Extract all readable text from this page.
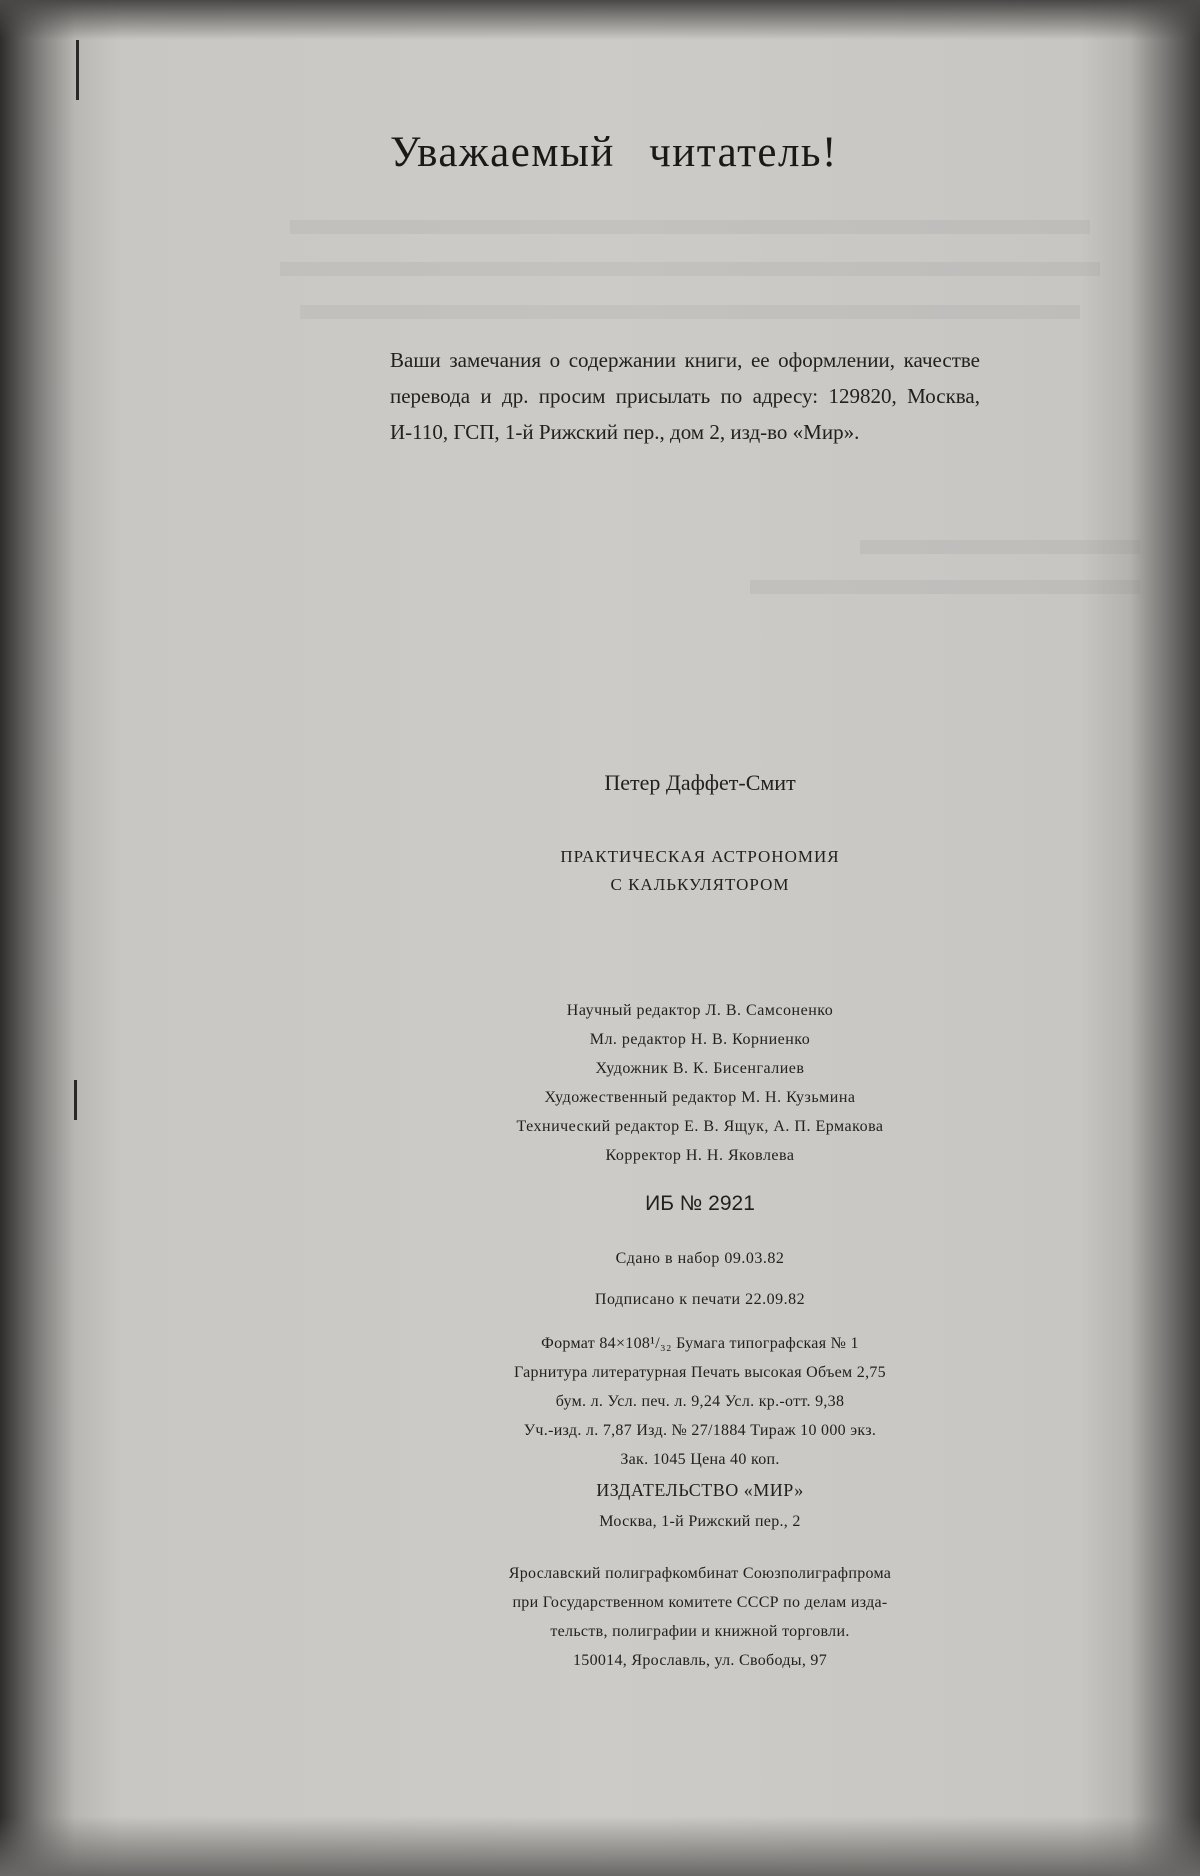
Уважаемый читатель!
Ваши замечания о содержании книги, ее оформлении, качестве перевода и др. просим присылать по адресу: 129820, Москва, И-110, ГСП, 1-й Рижский пер., дом 2, изд-во «Мир».
Петер Даффет-Смит
ПРАКТИЧЕСКАЯ АСТРОНОМИЯ
С КАЛЬКУЛЯТОРОМ
Научный редактор Л. В. Самсоненко
Мл. редактор Н. В. Корниенко
Художник В. К. Бисенгалиев
Художественный редактор М. Н. Кузьмина
Технический редактор Е. В. Ящук, А. П. Ермакова
Корректор Н. Н. Яковлева
ИБ № 2921
Сдано в набор 09.03.82
Подписано к печати 22.09.82
Формат 84×108¹/₃₂ Бумага типографская № 1
Гарнитура литературная Печать высокая Объем 2,75
бум. л. Усл. печ. л. 9,24 Усл. кр.-отт. 9,38
Уч.-изд. л. 7,87 Изд. № 27/1884 Тираж 10 000 экз.
Зак. 1045 Цена 40 коп.
ИЗДАТЕЛЬСТВО «МИР»
Москва, 1-й Рижский пер., 2
Ярославский полиграфкомбинат Союзполиграфпрома
при Государственном комитете СССР по делам изда-
тельств, полиграфии и книжной торговли.
150014, Ярославль, ул. Свободы, 97
